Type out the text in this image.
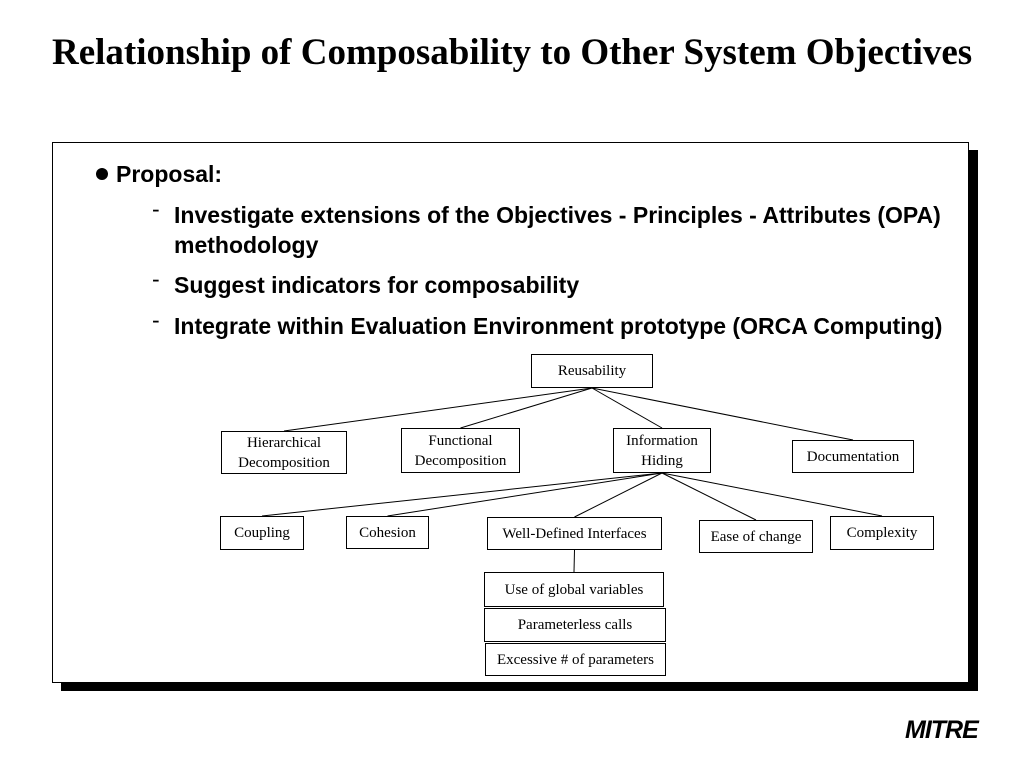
Relationship of Composability to Other System Objectives
Proposal:
- Investigate extensions of the Objectives - Principles - Attributes (OPA) methodology
- Suggest indicators for composability
- Integrate within Evaluation Environment prototype (ORCA Computing)
Reusability
Hierarchical
Decomposition
Functional
Decomposition
Information
Hiding	Documentation
Coupling	Cohesion	Well-Defined Interfaces	Ease of change	Complexity
Use of global variables
Parameterless calls
Excessive # of parameters
MITRE
